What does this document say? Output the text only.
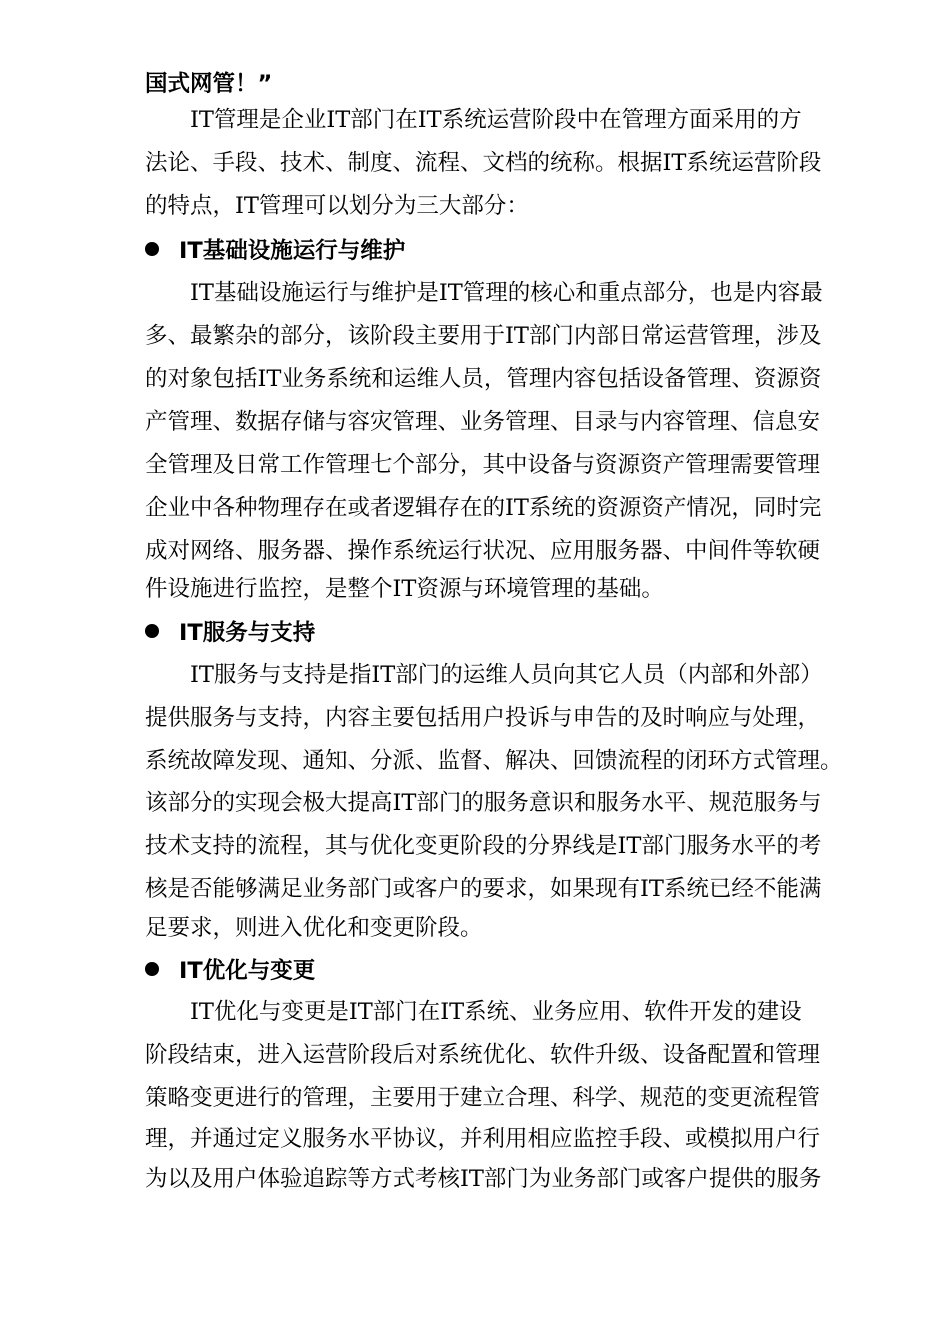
国式网管！”
IT管理是企业IT部门在IT系统运营阶段中在管理方面采用的方
法论、手段、技术、制度、流程、文档的统称。根据IT系统运营阶段
的特点，IT管理可以划分为三大部分：
IT基础设施运行与维护
IT基础设施运行与维护是IT管理的核心和重点部分，也是内容最
多、最繁杂的部分，该阶段主要用于IT部门内部日常运营管理，涉及
的对象包括IT业务系统和运维人员，管理内容包括设备管理、资源资
产管理、数据存储与容灾管理、业务管理、目录与内容管理、信息安
全管理及日常工作管理七个部分，其中设备与资源资产管理需要管理
企业中各种物理存在或者逻辑存在的IT系统的资源资产情况，同时完
成对网络、服务器、操作系统运行状况、应用服务器、中间件等软硬
件设施进行监控，是整个IT资源与环境管理的基础。
IT服务与支持
IT服务与支持是指IT部门的运维人员向其它人员（内部和外部）
提供服务与支持，内容主要包括用户投诉与申告的及时响应与处理，
系统故障发现、通知、分派、监督、解决、回馈流程的闭环方式管理。
该部分的实现会极大提高IT部门的服务意识和服务水平、规范服务与
技术支持的流程，其与优化变更阶段的分界线是IT部门服务水平的考
核是否能够满足业务部门或客户的要求，如果现有IT系统已经不能满
足要求，则进入优化和变更阶段。
IT优化与变更
IT优化与变更是IT部门在IT系统、业务应用、软件开发的建设
阶段结束，进入运营阶段后对系统优化、软件升级、设备配置和管理
策略变更进行的管理，主要用于建立合理、科学、规范的变更流程管
理，并通过定义服务水平协议，并利用相应监控手段、或模拟用户行
为以及用户体验追踪等方式考核IT部门为业务部门或客户提供的服务
